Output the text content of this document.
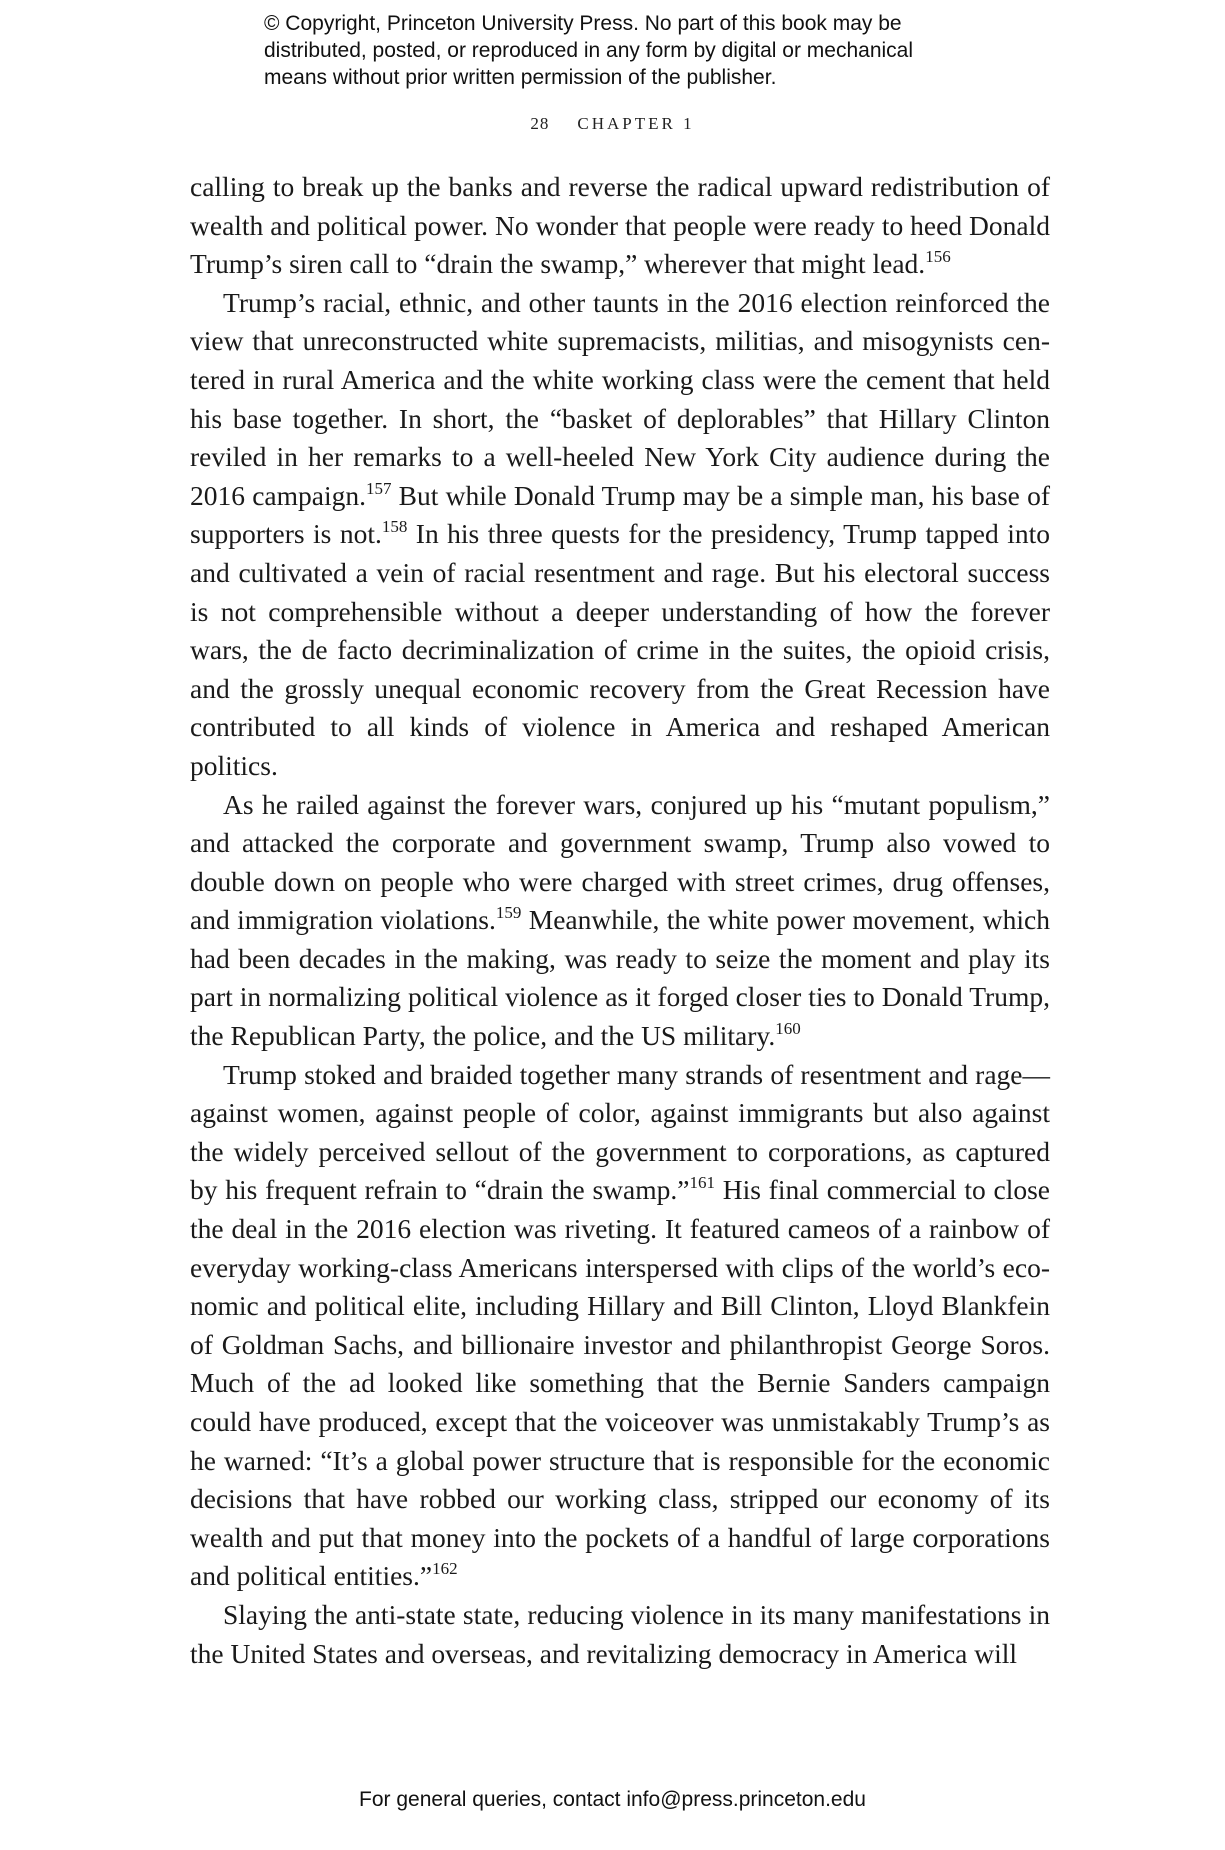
© Copyright, Princeton University Press. No part of this book may be
distributed, posted, or reproduced in any form by digital or mechanical
means without prior written permission of the publisher.
28 CHAPTER 1

calling to break up the banks and reverse the radical upward redistribution of wealth and political power. No wonder that people were ready to heed Donald Trump’s siren call to “drain the swamp,” wherever that might lead.$^{156}$

Trump’s racial, ethnic, and other taunts in the 2016 election reinforced the view that unreconstructed white supremacists, militias, and misogynists centered in rural America and the white working class were the cement that held his base together. In short, the “basket of deplorables” that Hillary Clinton reviled in her remarks to a well-heeled New York City audience during the 2016 campaign.$^{157}$ But while Donald Trump may be a simple man, his base of supporters is not.$^{158}$ In his three quests for the presidency, Trump tapped into and cultivated a vein of racial resentment and rage. But his electoral success is not comprehensible without a deeper understanding of how the forever wars, the de facto decriminalization of crime in the suites, the opioid crisis, and the grossly unequal economic recovery from the Great Recession have contributed to all kinds of violence in America and reshaped American politics.

As he railed against the forever wars, conjured up his “mutant populism,” and attacked the corporate and government swamp, Trump also vowed to double down on people who were charged with street crimes, drug offenses, and immigration violations.$^{159}$ Meanwhile, the white power movement, which had been decades in the making, was ready to seize the moment and play its part in normalizing political violence as it forged closer ties to Donald Trump, the Republican Party, the police, and the US military.$^{160}$

Trump stoked and braided together many strands of resentment and rage— against women, against people of color, against immigrants but also against the widely perceived sellout of the government to corporations, as captured by his frequent refrain to “drain the swamp.”$^{161}$ His final commercial to close the deal in the 2016 election was riveting. It featured cameos of a rainbow of everyday working-class Americans interspersed with clips of the world’s economic and political elite, including Hillary and Bill Clinton, Lloyd Blankfein of Goldman Sachs, and billionaire investor and philanthropist George Soros. Much of the ad looked like something that the Bernie Sanders campaign could have produced, except that the voiceover was unmistakably Trump’s as he warned: “It’s a global power structure that is responsible for the economic decisions that have robbed our working class, stripped our economy of its wealth and put that money into the pockets of a handful of large corporations and political entities.”$^{162}$

Slaying the anti-state state, reducing violence in its many manifestations in the United States and overseas, and revitalizing democracy in America will

For general queries, contact info@press.princeton.edu
